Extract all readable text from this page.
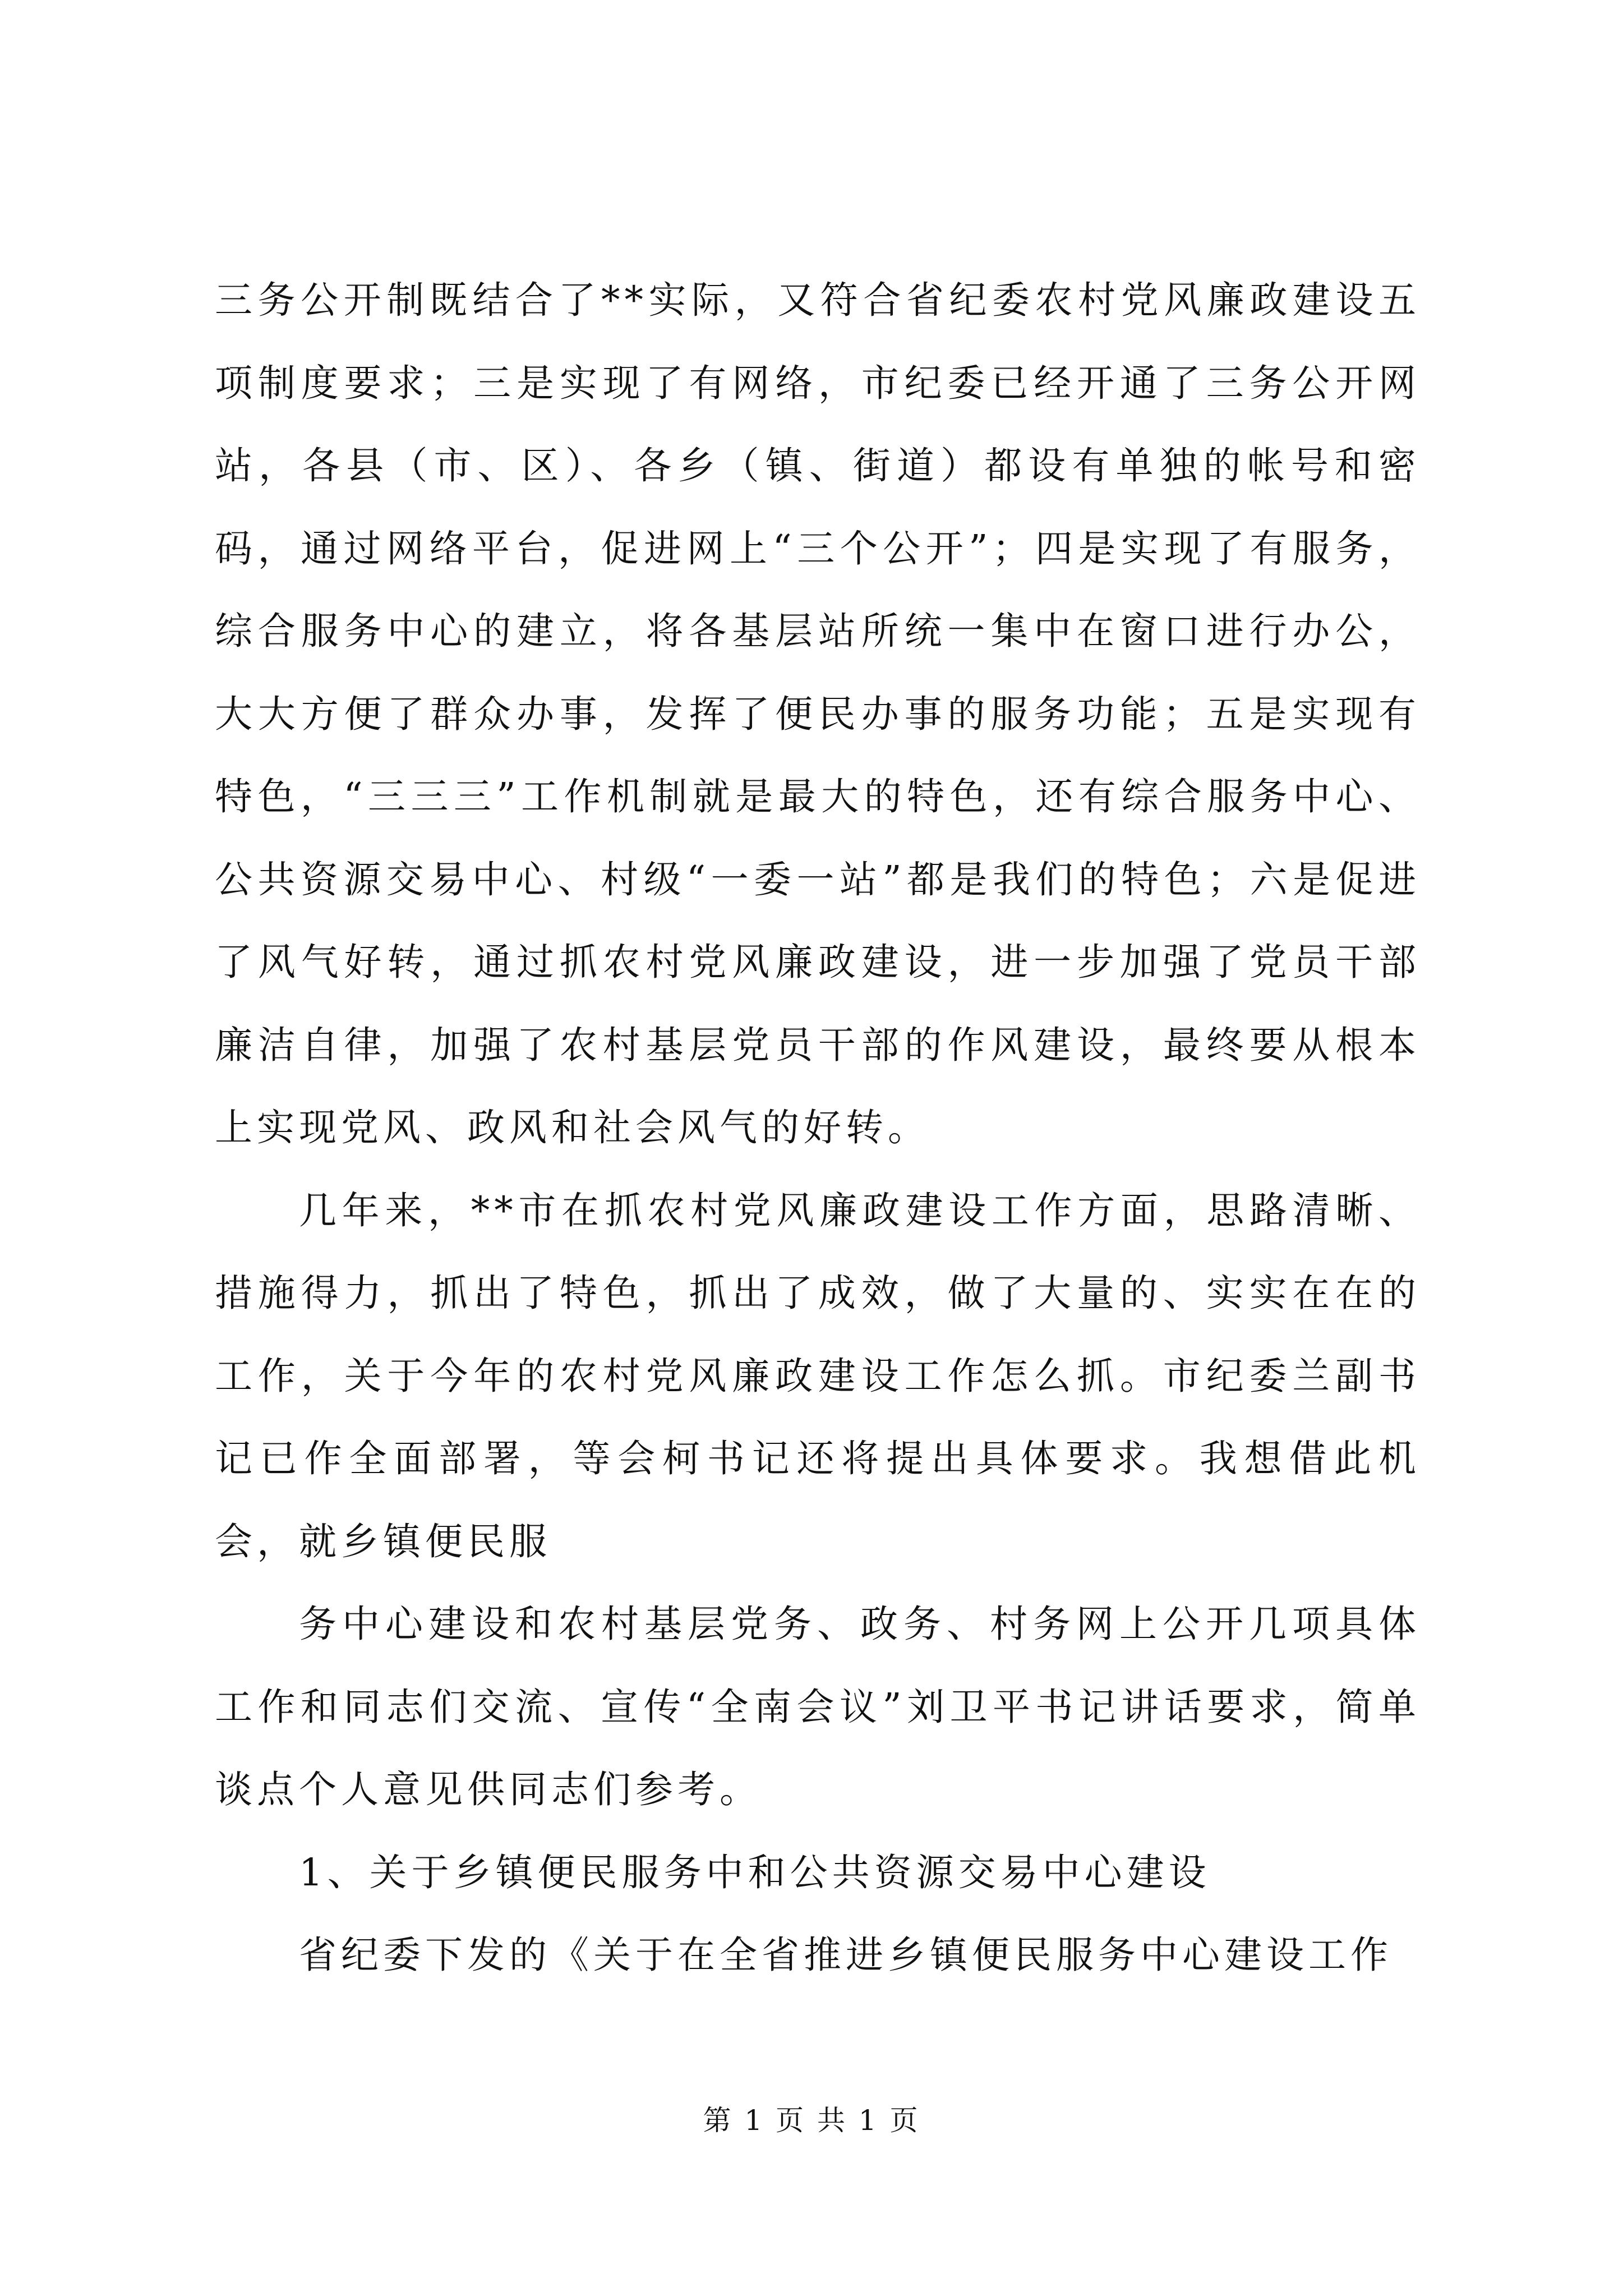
三务公开制既结合了**实际，又符合省纪委农村党风廉政建设五项制度要求；三是实现了有网络，市纪委已经开通了三务公开网站，各县（市、区）、各乡（镇、街道）都设有单独的帐号和密码，通过网络平台，促进网上“三个公开”；四是实现了有服务，综合服务中心的建立，将各基层站所统一集中在窗口进行办公，大大方便了群众办事，发挥了便民办事的服务功能；五是实现有特色，“三三三”工作机制就是最大的特色，还有综合服务中心、公共资源交易中心、村级“一委一站”都是我们的特色；六是促进了风气好转，通过抓农村党风廉政建设，进一步加强了党员干部廉洁自律，加强了农村基层党员干部的作风建设，最终要从根本上实现党风、政风和社会风气的好转。

几年来，**市在抓农村党风廉政建设工作方面，思路清晰、措施得力，抓出了特色，抓出了成效，做了大量的、实实在在的工作，关于今年的农村党风廉政建设工作怎么抓。市纪委兰副书记已作全面部署，等会柯书记还将提出具体要求。我想借此机会，就乡镇便民服

务中心建设和农村基层党务、政务、村务网上公开几项具体工作和同志们交流、宣传“全南会议”刘卫平书记讲话要求，简单谈点个人意见供同志们参考。

1、关于乡镇便民服务中和公共资源交易中心建设

省纪委下发的《关于在全省推进乡镇便民服务中心建设工作

第 1 页 共 1 页
